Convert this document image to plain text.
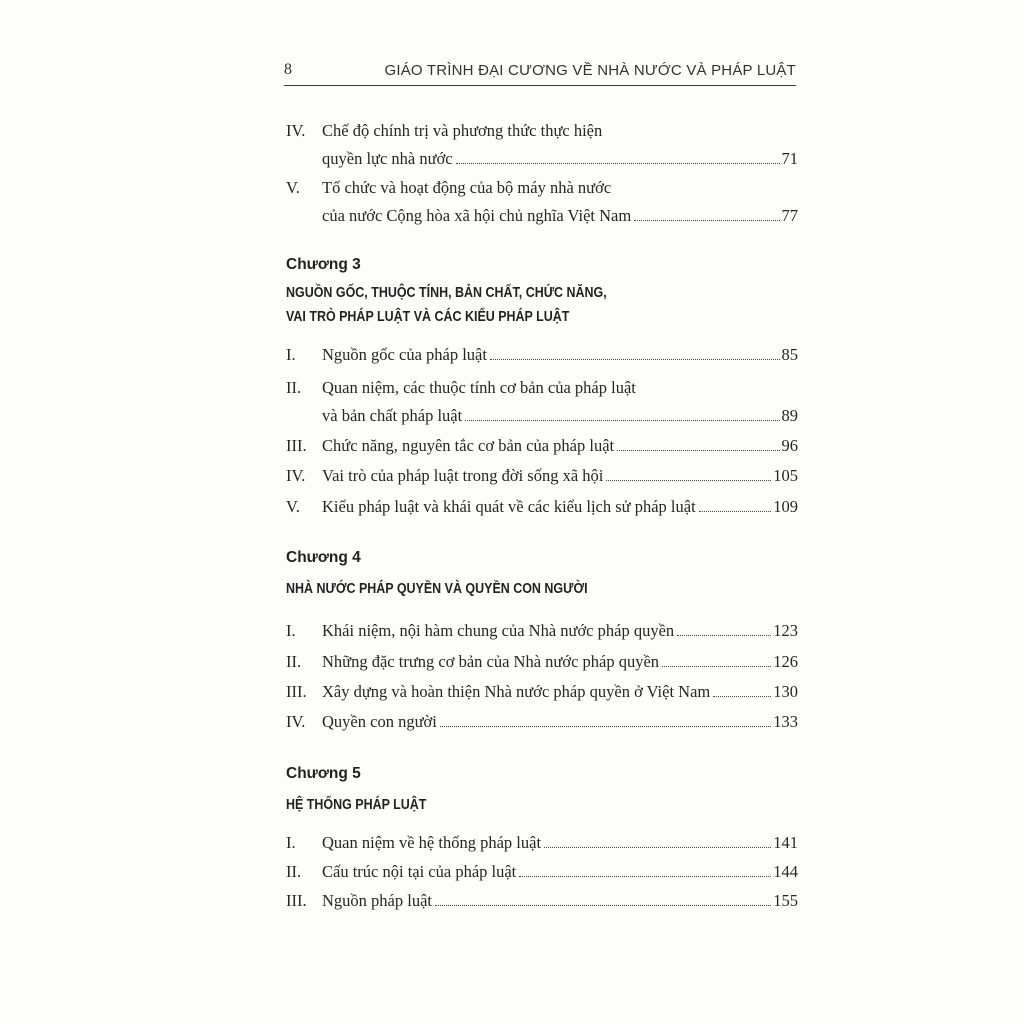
8	GIÁO TRÌNH ĐẠI CƯƠNG VỀ NHÀ NƯỚC VÀ PHÁP LUẬT
IV.	Chế độ chính trị và phương thức thực hiện
quyền lực nhà nước	71
V.	Tổ chức và hoạt động của bộ máy nhà nước
của nước Cộng hòa xã hội chủ nghĩa Việt Nam	77
Chương 3
NGUỒN GỐC, THUỘC TÍNH, BẢN CHẤT, CHỨC NĂNG,
VAI TRÒ PHÁP LUẬT VÀ CÁC KIỂU PHÁP LUẬT
I.	Nguồn gốc của pháp luật	85
II.	Quan niệm, các thuộc tính cơ bản của pháp luật
và bản chất pháp luật	89
III. Chức năng, nguyên tắc cơ bản của pháp luật	96
IV.	Vai trò của pháp luật trong đời sống xã hội	105
V.	Kiểu pháp luật và khái quát về các kiểu lịch sử pháp luật	109
Chương 4
NHÀ NƯỚC PHÁP QUYỀN VÀ QUYỀN CON NGƯỜI
I.	Khái niệm, nội hàm chung của Nhà nước pháp quyền	123
II.	Những đặc trưng cơ bản của Nhà nước pháp quyền	126
III. Xây dựng và hoàn thiện Nhà nước pháp quyền ở Việt Nam	130
IV.	Quyền con người	133
Chương 5
HỆ THỐNG PHÁP LUẬT
I.	Quan niệm về hệ thống pháp luật	141
II.	Cấu trúc nội tại của pháp luật	144
III. Nguồn pháp luật	155
